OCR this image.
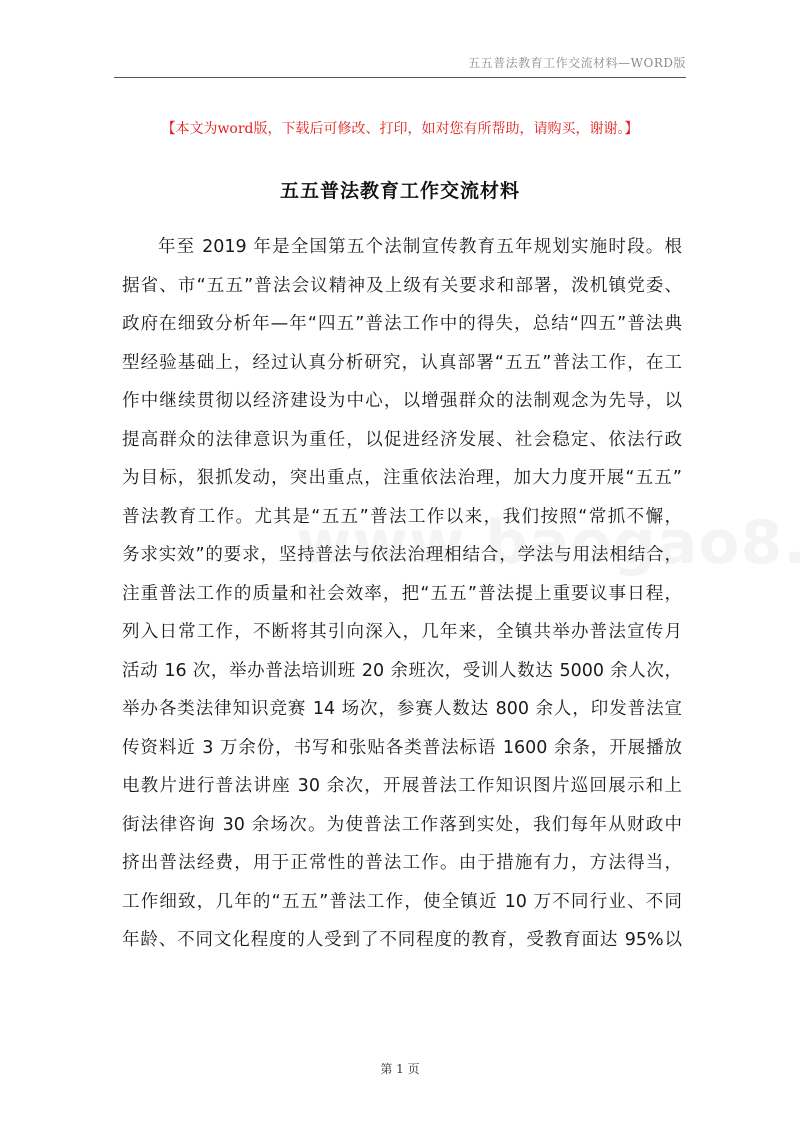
五五普法教育工作交流材料—WORD版
【本文为word版，下载后可修改、打印，如对您有所帮助，请购买，谢谢。】
五五普法教育工作交流材料
年至 2019 年是全国第五个法制宣传教育五年规划实施时段。根
据省、市“五五”普法会议精神及上级有关要求和部署，泼机镇党委、
政府在细致分析年—年“四五”普法工作中的得失，总结“四五”普法典
型经验基础上，经过认真分析研究，认真部署“五五”普法工作，在工
作中继续贯彻以经济建设为中心，以增强群众的法制观念为先导，以
提高群众的法律意识为重任，以促进经济发展、社会稳定、依法行政
为目标，狠抓发动，突出重点，注重依法治理，加大力度开展“五五”
普法教育工作。尤其是“五五”普法工作以来，我们按照“常抓不懈，
务求实效”的要求，坚持普法与依法治理相结合，学法与用法相结合，
注重普法工作的质量和社会效率，把“五五”普法提上重要议事日程，
列入日常工作，不断将其引向深入，几年来，全镇共举办普法宣传月
活动 16 次，举办普法培训班 20 余班次，受训人数达 5000 余人次，
举办各类法律知识竞赛 14 场次，参赛人数达 800 余人，印发普法宣
传资料近 3 万余份，书写和张贴各类普法标语 1600 余条，开展播放
电教片进行普法讲座 30 余次，开展普法工作知识图片巡回展示和上
街法律咨询 30 余场次。为使普法工作落到实处，我们每年从财政中
挤出普法经费，用于正常性的普法工作。由于措施有力，方法得当，
工作细致，几年的“五五”普法工作，使全镇近 10 万不同行业、不同
年龄、不同文化程度的人受到了不同程度的教育，受教育面达 95%以
第 1 页
